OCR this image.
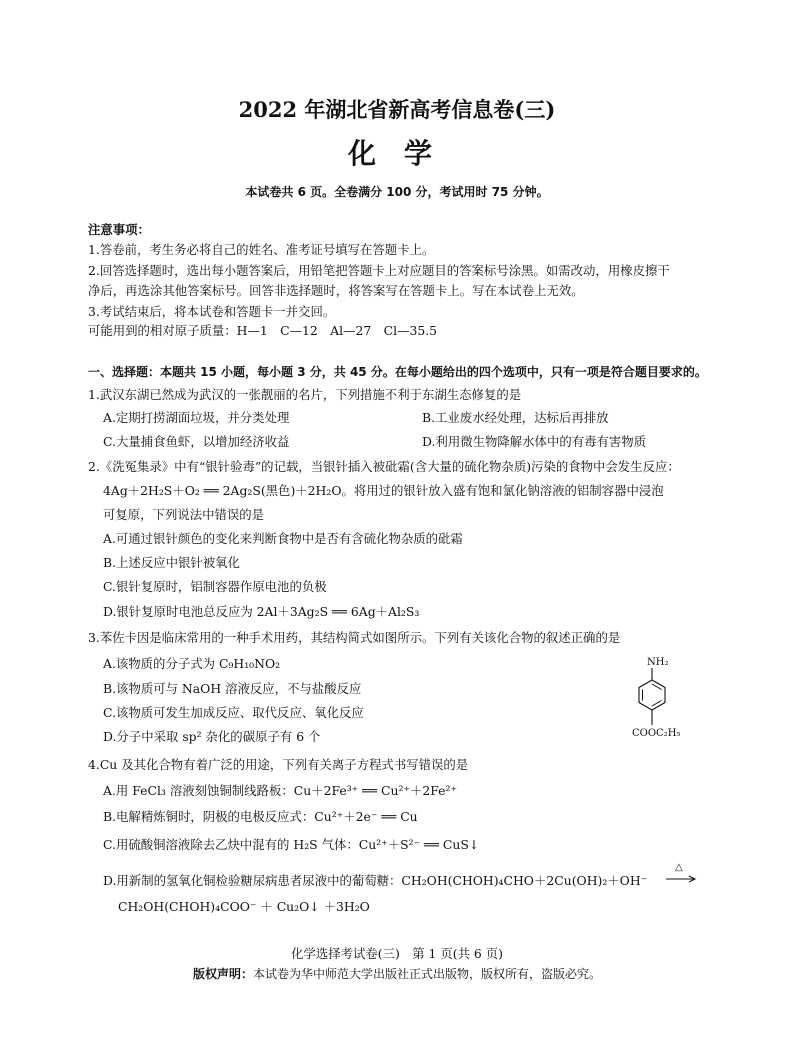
2022 年湖北省新高考信息卷(三)
化学
本试卷共 6 页。全卷满分 100 分，考试用时 75 分钟。
注意事项：
1.答卷前，考生务必将自己的姓名、准考证号填写在答题卡上。
2.回答选择题时，选出每小题答案后，用铅笔把答题卡上对应题目的答案标号涂黑。如需改动，用橡皮擦干
净后，再选涂其他答案标号。回答非选择题时，将答案写在答题卡上。写在本试卷上无效。
3.考试结束后，将本试卷和答题卡一并交回。
可能用到的相对原子质量：H—1　C—12　Al—27　Cl—35.5
一、选择题：本题共 15 小题，每小题 3 分，共 45 分。在每小题给出的四个选项中，只有一项是符合题目要求的。
1.武汉东湖已然成为武汉的一张靓丽的名片，下列措施不利于东湖生态修复的是
A.定期打捞湖面垃圾，并分类处理	B.工业废水经处理，达标后再排放
C.大量捕食鱼虾，以增加经济收益	D.利用微生物降解水体中的有毒有害物质
2.《洗冤集录》中有“银针验毒”的记载，当银针插入被砒霜(含大量的硫化物杂质)污染的食物中会发生反应：
4Ag＋2H₂S＋O₂ ══ 2Ag₂S(黑色)＋2H₂O。将用过的银针放入盛有饱和氯化钠溶液的铝制容器中浸泡
可复原，下列说法中错误的是
A.可通过银针颜色的变化来判断食物中是否有含硫化物杂质的砒霜
B.上述反应中银针被氧化
C.银针复原时，铝制容器作原电池的负极
D.银针复原时电池总反应为 2Al＋3Ag₂S ══ 6Ag＋Al₂S₃
3.苯佐卡因是临床常用的一种手术用药，其结构简式如图所示。下列有关该化合物的叙述正确的是
A.该物质的分子式为 C₉H₁₀NO₂
B.该物质可与 NaOH 溶液反应，不与盐酸反应
C.该物质可发生加成反应、取代反应、氧化反应
D.分子中采取 sp² 杂化的碳原子有 6 个
NH₂
COOC₂H₅
4.Cu 及其化合物有着广泛的用途，下列有关离子方程式书写错误的是
A.用 FeCl₃ 溶液刻蚀铜制线路板：Cu＋2Fe³⁺ ══ Cu²⁺＋2Fe²⁺
B.电解精炼铜时，阴极的电极反应式：Cu²⁺＋2e⁻ ══ Cu
C.用硫酸铜溶液除去乙炔中混有的 H₂S 气体：Cu²⁺＋S²⁻ ══ CuS↓
D.用新制的氢氧化铜检验糖尿病患者尿液中的葡萄糖：CH₂OH(CHOH)₄CHO＋2Cu(OH)₂＋OH⁻
△
CH₂OH(CHOH)₄COO⁻ ＋ Cu₂O↓ ＋3H₂O
化学选择考试卷(三)　第 1 页(共 6 页)
版权声明：本试卷为华中师范大学出版社正式出版物，版权所有，盗版必究。
